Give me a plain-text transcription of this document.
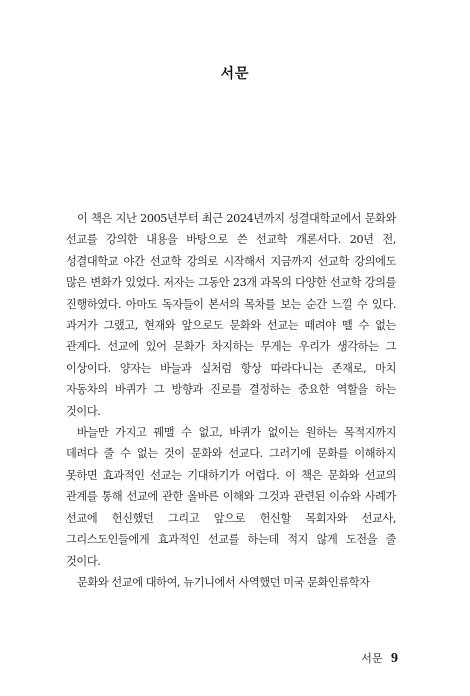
서문

이 책은 지난 2005년부터 최근 2024년까지 성결대학교에서 문화와 선교를 강의한 내용을 바탕으로 쓴 선교학 개론서다. 20년 전, 성결대학교 야간 선교학 강의로 시작해서 지금까지 선교학 강의에도 많은 변화가 있었다. 저자는 그동안 23개 과목의 다양한 선교학 강의를 진행하였다. 아마도 독자들이 본서의 목차를 보는 순간 느낄 수 있다. 과거가 그랬고, 현재와 앞으로도 문화와 선교는 떼려야 뗄 수 없는 관계다. 선교에 있어 문화가 차지하는 무게는 우리가 생각하는 그 이상이다. 양자는 바늘과 실처럼 항상 따라다니는 존재로, 마치 자동차의 바퀴가 그 방향과 진로를 결정하는 중요한 역할을 하는 것이다.

바늘만 가지고 꿰맬 수 없고, 바퀴가 없이는 원하는 목적지까지 데려다 줄 수 없는 것이 문화와 선교다. 그러기에 문화를 이해하지 못하면 효과적인 선교는 기대하기가 어렵다. 이 책은 문화와 선교의 관계를 통해 선교에 관한 올바른 이해와 그것과 관련된 이슈와 사례가 선교에 헌신했던 그리고 앞으로 헌신할 목회자와 선교사, 그리스도인들에게 효과적인 선교를 하는데 적지 않게 도전을 줄 것이다.

문화와 선교에 대하여, 뉴기니에서 사역했던 미국 문화인류학자

서문 9
